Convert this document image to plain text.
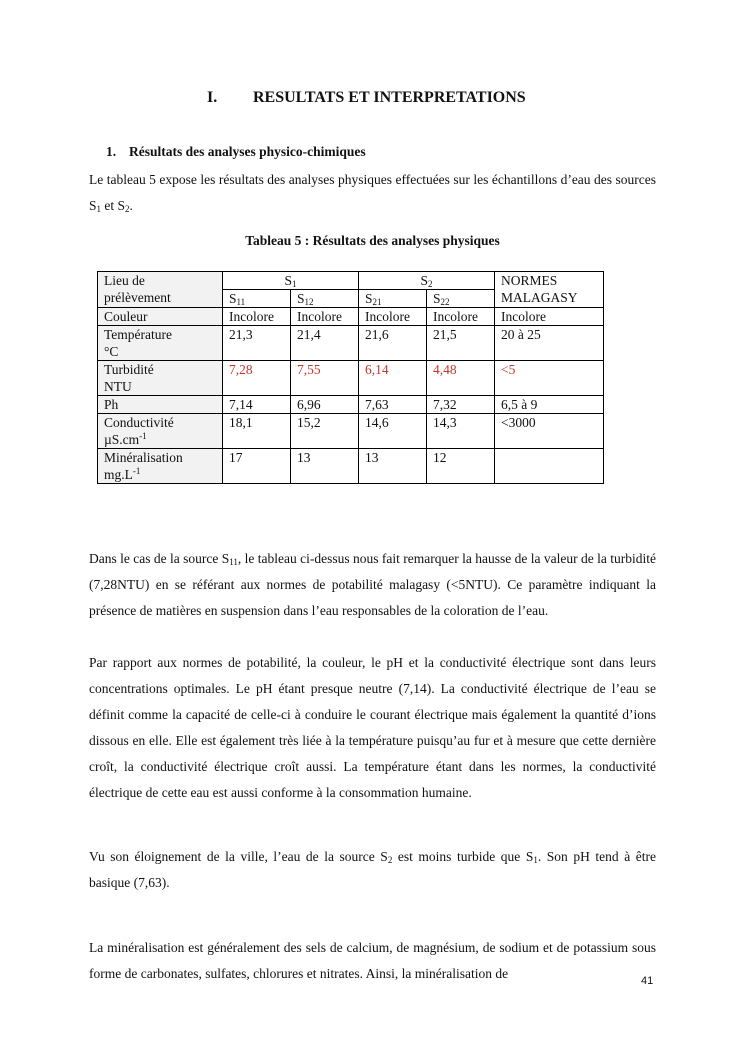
I. RESULTATS ET INTERPRETATIONS
1. Résultats des analyses physico-chimiques
Le tableau 5 expose les résultats des analyses physiques effectuées sur les échantillons d’eau des sources $S_1$ et $S_2$.
Tableau 5 : Résultats des analyses physiques
Lieu de
prélèvement	$S_1$		$S_2$		NORMES
MALAGASY
	$S_{11}$	$S_{12}$	$S_{21}$	$S_{22}$
Couleur	Incolore	Incolore	Incolore	Incolore	Incolore
Température
°C	21,3	21,4	21,6	21,5	20 à 25
Turbidité
NTU	7,28	7,55	6,14	4,48	<5
Ph	7,14	6,96	7,63	7,32	6,5 à 9
Conductivité
$\mu S.cm^{-1}$	18,1	15,2	14,6	14,3	<3000
Minéralisation
$mg.L^{-1}$	17	13	13	12	

Dans le cas de la source $S_{11}$, le tableau ci-dessus nous fait remarquer la hausse de la valeur de la turbidité (7,28NTU) en se référant aux normes de potabilité malagasy (<5NTU). Ce paramètre indiquant la présence de matières en suspension dans l’eau responsables de la coloration de l’eau.

Par rapport aux normes de potabilité, la couleur, le pH et la conductivité électrique sont dans leurs concentrations optimales. Le pH étant presque neutre (7,14). La conductivité électrique de l’eau se définit comme la capacité de celle-ci à conduire le courant électrique mais également la quantité d’ions dissous en elle. Elle est également très liée à la température puisqu’au fur et à mesure que cette dernière croît, la conductivité électrique croît aussi. La température étant dans les normes, la conductivité électrique de cette eau est aussi conforme à la consommation humaine.

Vu son éloignement de la ville, l’eau de la source $S_2$ est moins turbide que $S_1$. Son pH tend à être basique (7,63).

La minéralisation est généralement des sels de calcium, de magnésium, de sodium et de potassium sous forme de carbonates, sulfates, chlorures et nitrates. Ainsi, la minéralisation de	41
